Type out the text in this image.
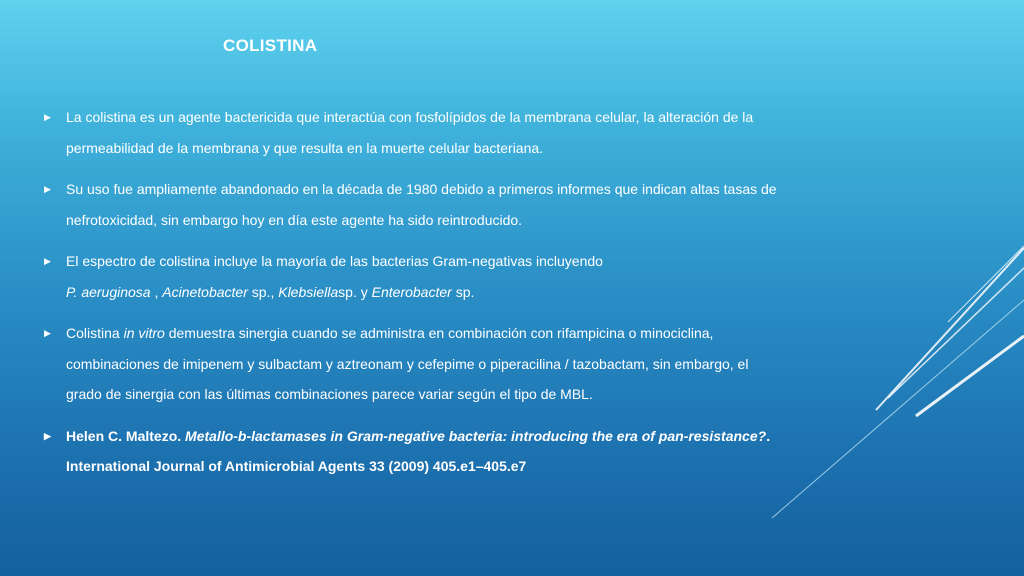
COLISTINA
▶ La colistina es un agente bactericida que interactúa con fosfolípidos de la membrana celular, la alteración de la permeabilidad de la membrana y que resulta en la muerte celular bacteriana.
▶ Su uso fue ampliamente abandonado en la década de 1980 debido a primeros informes que indican altas tasas de nefrotoxicidad, sin embargo hoy en día este agente ha sido reintroducido.
▶ El espectro de colistina incluye la mayoría de las bacterias Gram-negativas incluyendo
P. aeruginosa , Acinetobacter sp., Klebsiellasp. y Enterobacter sp.
▶ Colistina in vitro demuestra sinergia cuando se administra en combinación con rifampicina o minociclina, combinaciones de imipenem y sulbactam y aztreonam y cefepime o piperacilina / tazobactam, sin embargo, el grado de sinergia con las últimas combinaciones parece variar según el tipo de MBL.
▶ Helen C. Maltezo. Metallo-b-lactamases in Gram-negative bacteria: introducing the era of pan-resistance?. International Journal of Antimicrobial Agents 33 (2009) 405.e1–405.e7
